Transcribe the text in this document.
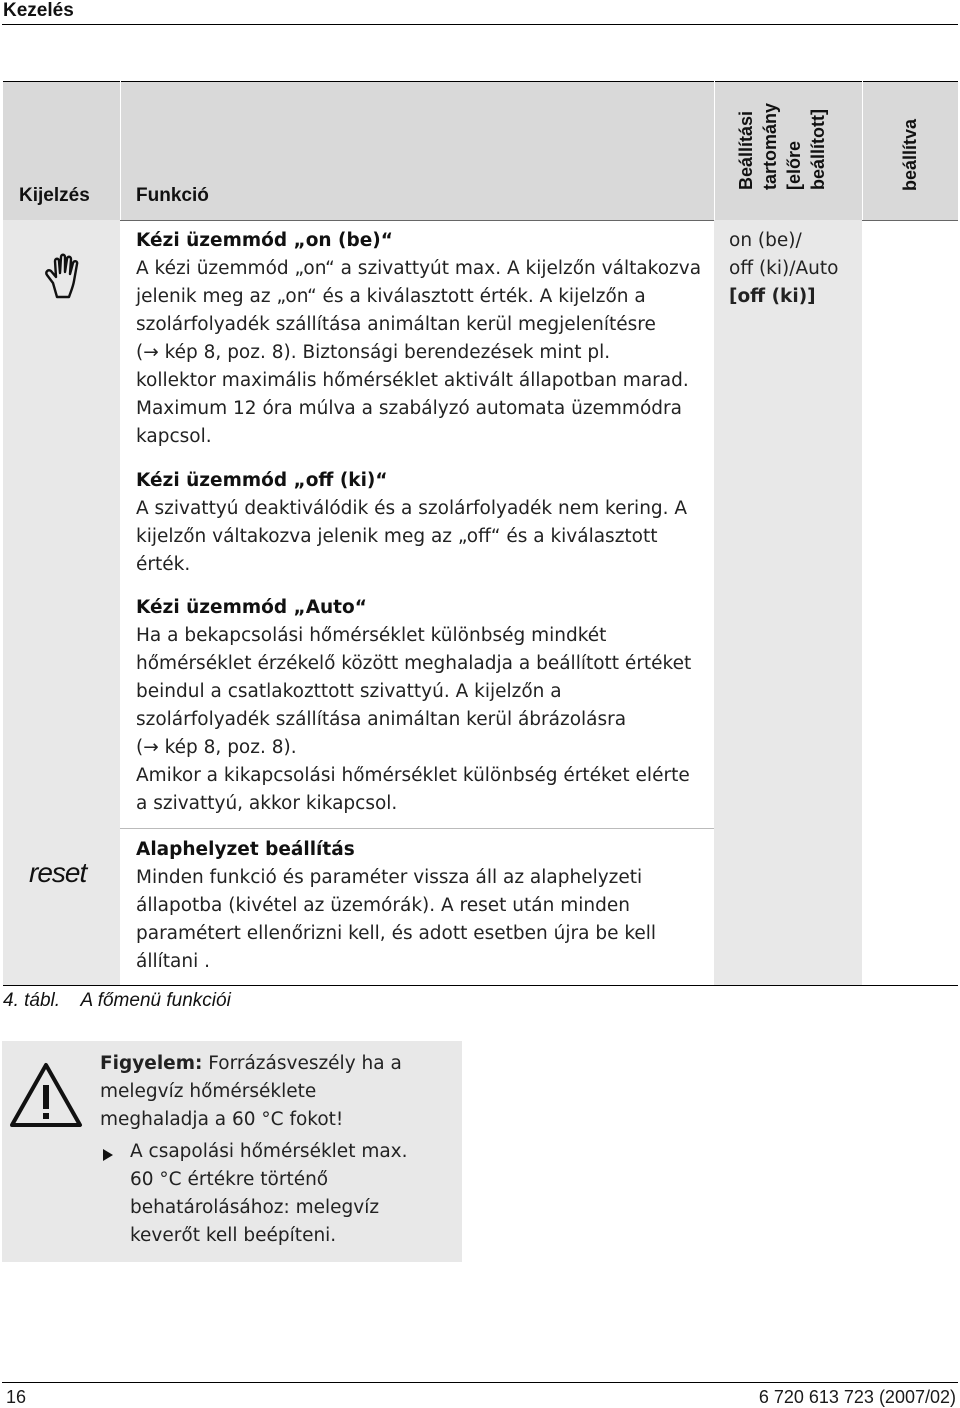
Kezelés
Kijelzés Funkció
Beállítási
tartomány
[előre
beállított]	beállítva
Kézi üzemmód „on (be)“
A kézi üzemmód „on“ a szivattyút max. A kijelzőn váltakozva
jelenik meg az „on“ és a kiválasztott érték. A kijelzőn a
szolárfolyadék szállítása animáltan kerül megjelenítésre
(→ kép 8, poz. 8). Biztonsági berendezések mint pl.
kollektor maximális hőmérséklet aktivált állapotban marad.
Maximum 12 óra múlva a szabályzó automata üzemmódra
kapcsol.
on (be)/
off (ki)/Auto
[off (ki)]
Kézi üzemmód „off (ki)“
A szivattyú deaktiválódik és a szolárfolyadék nem kering. A
kijelzőn váltakozva jelenik meg az „off“ és a kiválasztott
érték.
Kézi üzemmód „Auto“
Ha a bekapcsolási hőmérséklet különbség mindkét
hőmérséklet érzékelő között meghaladja a beállított értéket
beindul a csatlakozttott szivattyú. A kijelzőn a
szolárfolyadék szállítása animáltan kerül ábrázolásra
(→ kép 8, poz. 8).
Amikor a kikapcsolási hőmérséklet különbség értéket elérte
a szivattyú, akkor kikapcsol.
reset
Alaphelyzet beállítás
Minden funkció és paraméter vissza áll az alaphelyzeti
állapotba (kivétel az üzemórák). A reset után minden
paramétert ellenőrizni kell, és adott esetben újra be kell
állítani .
4. tábl. A főmenü funkciói
Figyelem: Forrázásveszély ha a
melegvíz hőmérséklete
meghaladja a 60 °C fokot!
A csapolási hőmérséklet max.
60 °C értékre történő
behatárolásához: melegvíz
keverőt kell beépíteni.
16	6 720 613 723 (2007/02)
